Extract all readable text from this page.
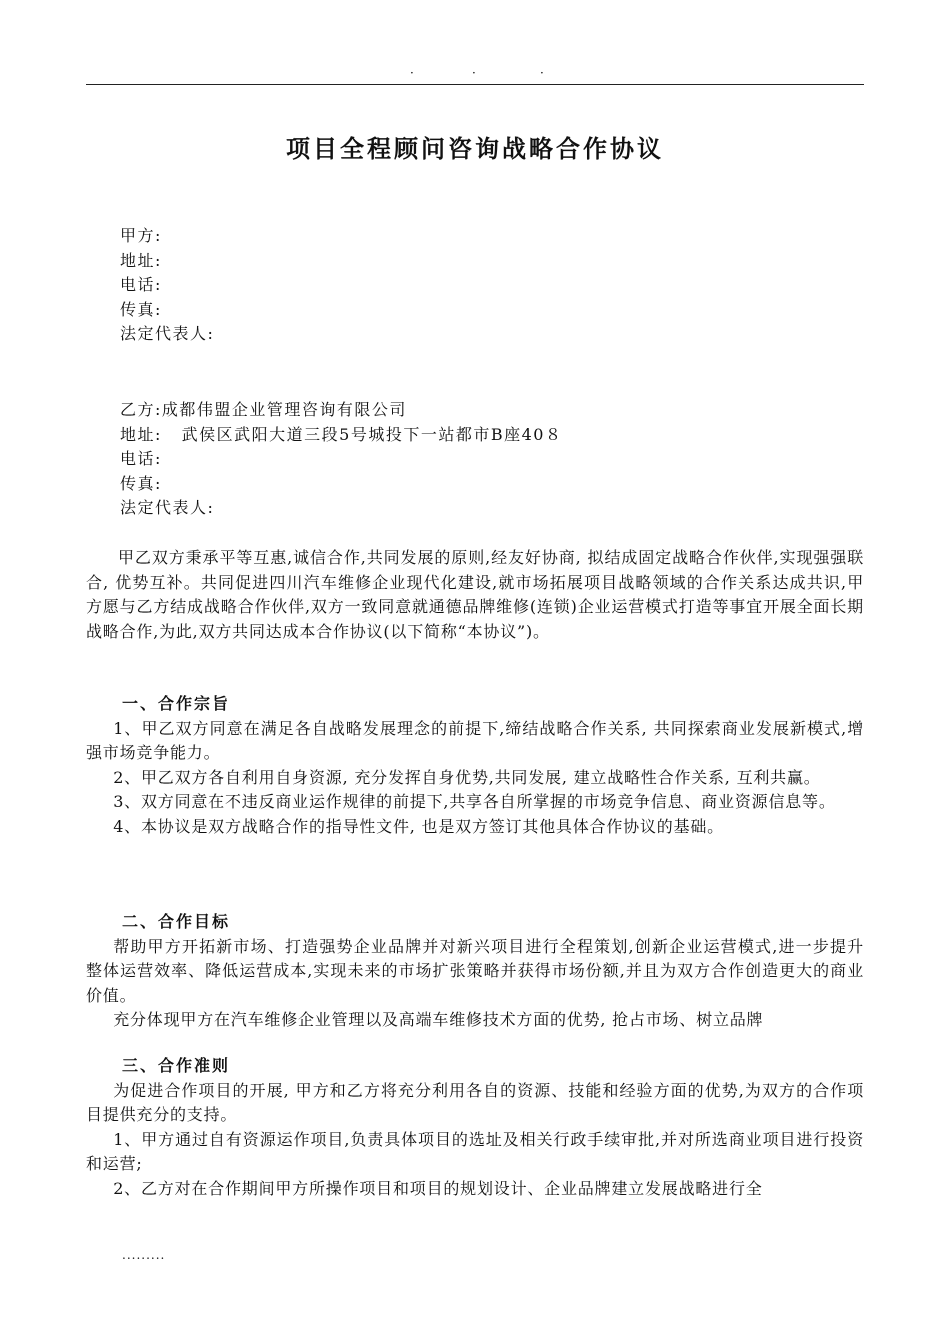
·	·	·
项目全程顾问咨询战略合作协议
甲方:
地址:
电话:
传真:
法定代表人:
乙方:成都伟盟企业管理咨询有限公司
地址:   武侯区武阳大道三段5号城投下一站都市B座40８
电话:
传真:
法定代表人:

甲乙双方秉承平等互惠,诚信合作,共同发展的原则,经友好协商, 拟结成固定战略合作伙伴,实现强强联合, 优势互补。共同促进四川汽车维修企业现代化建设,就市场拓展项目战略领域的合作关系达成共识,甲方愿与乙方结成战略合作伙伴,双方一致同意就通德品牌维修(连锁)企业运营模式打造等事宜开展全面长期战略合作,为此,双方共同达成本合作协议(以下简称“本协议”)。

一、合作宗旨

1、甲乙双方同意在满足各自战略发展理念的前提下,缔结战略合作关系, 共同探索商业发展新模式,增强市场竞争能力。

2、甲乙双方各自利用自身资源, 充分发挥自身优势,共同发展, 建立战略性合作关系, 互利共赢。

3、双方同意在不违反商业运作规律的前提下,共享各自所掌握的市场竞争信息、商业资源信息等。

4、本协议是双方战略合作的指导性文件, 也是双方签订其他具体合作协议的基础。

二、合作目标

帮助甲方开拓新市场、打造强势企业品牌并对新兴项目进行全程策划,创新企业运营模式,进一步提升整体运营效率、降低运营成本,实现未来的市场扩张策略并获得市场份额,并且为双方合作创造更大的商业价值。

充分体现甲方在汽车维修企业管理以及高端车维修技术方面的优势, 抢占市场、树立品牌

三、合作准则

为促进合作项目的开展, 甲方和乙方将充分利用各自的资源、技能和经验方面的优势,为双方的合作项目提供充分的支持。

1、甲方通过自有资源运作项目,负责具体项目的选址及相关行政手续审批,并对所选商业项目进行投资和运营;

2、乙方对在合作期间甲方所操作项目和项目的规划设计、企业品牌建立发展战略进行全

.........
